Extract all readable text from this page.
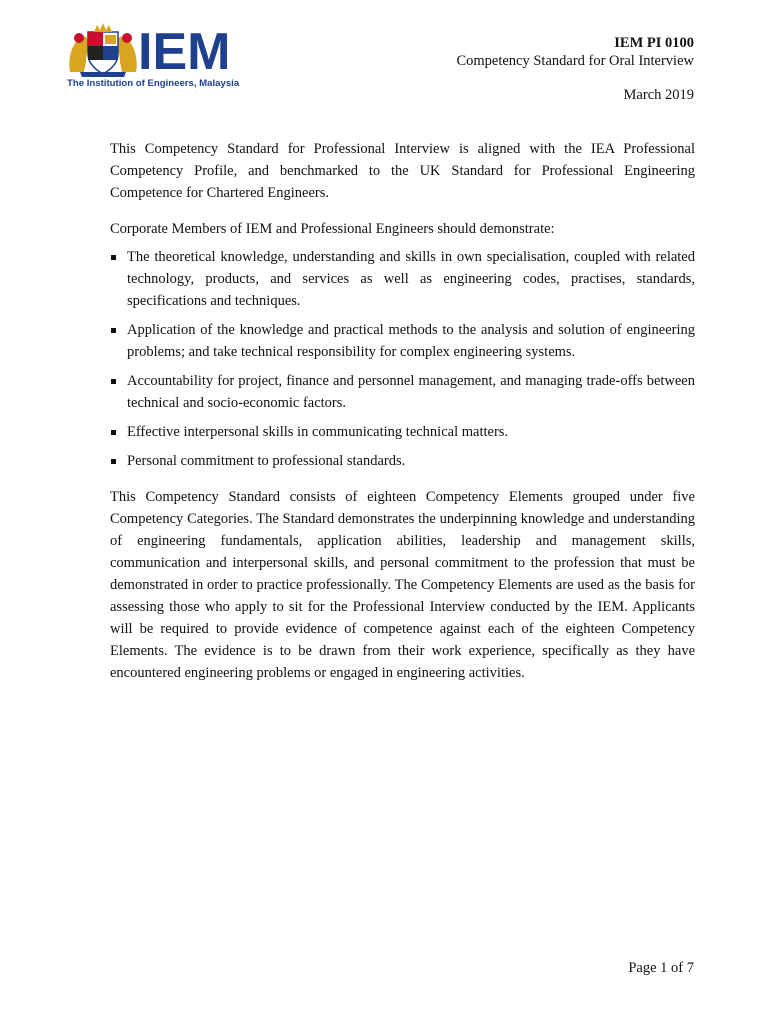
IEM
The Institution of Engineers, Malaysia
IEM PI 0100
Competency Standard for Oral Interview
March 2019

This Competency Standard for Professional Interview is aligned with the IEA Professional Competency Profile, and benchmarked to the UK Standard for Professional Engineering Competence for Chartered Engineers.

Corporate Members of IEM and Professional Engineers should demonstrate:

The theoretical knowledge, understanding and skills in own specialisation, coupled with related technology, products, and services as well as engineering codes, practises, standards, specifications and techniques.
Application of the knowledge and practical methods to the analysis and solution of engineering problems; and take technical responsibility for complex engineering systems.
Accountability for project, finance and personnel management, and managing trade-offs between technical and socio-economic factors.
Effective interpersonal skills in communicating technical matters.
Personal commitment to professional standards.

This Competency Standard consists of eighteen Competency Elements grouped under five Competency Categories. The Standard demonstrates the underpinning knowledge and understanding of engineering fundamentals, application abilities, leadership and management skills, communication and interpersonal skills, and personal commitment to the profession that must be demonstrated in order to practice professionally. The Competency Elements are used as the basis for assessing those who apply to sit for the Professional Interview conducted by the IEM. Applicants will be required to provide evidence of competence against each of the eighteen Competency Elements. The evidence is to be drawn from their work experience, specifically as they have encountered engineering problems or engaged in engineering activities.

Page 1 of 7
